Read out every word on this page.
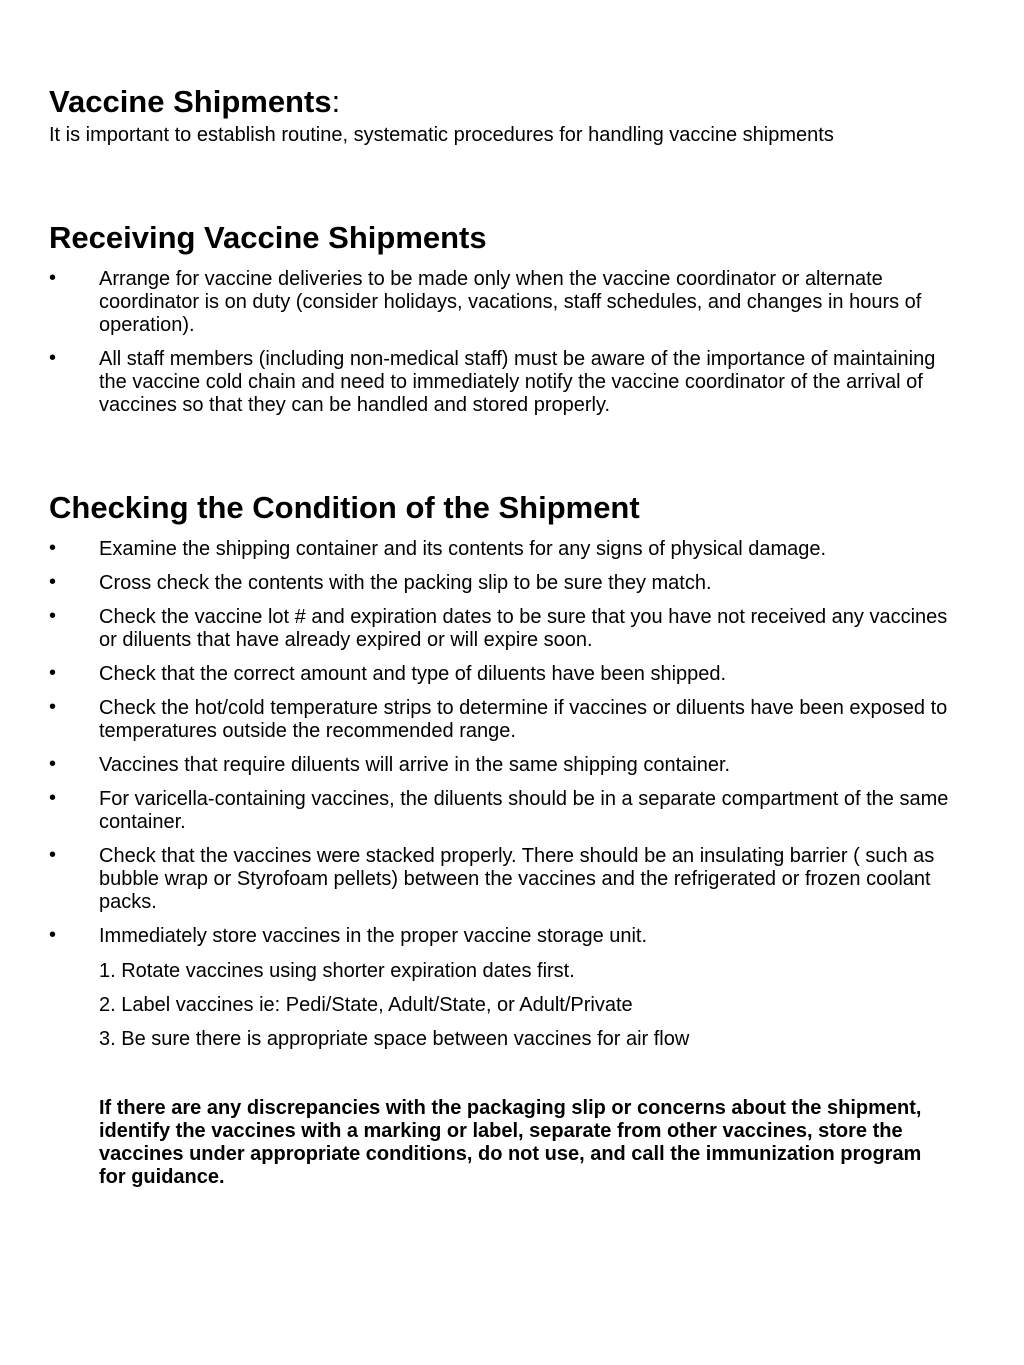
Vaccine Shipments:
It is important to establish routine, systematic procedures for handling vaccine shipments
Receiving Vaccine Shipments
• Arrange for vaccine deliveries to be made only when the vaccine coordinator or alternate coordinator is on duty (consider holidays, vacations, staff schedules, and changes in hours of operation).
• All staff members (including non-medical staff) must be aware of the importance of maintaining the vaccine cold chain and need to immediately notify the vaccine coordinator of the arrival of vaccines so that they can be handled and stored properly.
Checking the Condition of the Shipment
• Examine the shipping container and its contents for any signs of physical damage.
• Cross check the contents with the packing slip to be sure they match.
• Check the vaccine lot # and expiration dates to be sure that you have not received any vaccines or diluents that have already expired or will expire soon.
• Check that the correct amount and type of diluents have been shipped.
• Check the hot/cold temperature strips to determine if vaccines or diluents have been exposed to temperatures outside the recommended range.
• Vaccines that require diluents will arrive in the same shipping container.
• For varicella-containing vaccines, the diluents should be in a separate compartment of the same container.
• Check that the vaccines were stacked properly. There should be an insulating barrier ( such as bubble wrap or Styrofoam pellets) between the vaccines and the refrigerated or frozen coolant packs.
• Immediately store vaccines in the proper vaccine storage unit.
1. Rotate vaccines using shorter expiration dates first.
2. Label vaccines ie: Pedi/State, Adult/State, or Adult/Private
3. Be sure there is appropriate space between vaccines for air flow
If there are any discrepancies with the packaging slip or concerns about the shipment, identify the vaccines with a marking or label, separate from other vaccines, store the vaccines under appropriate conditions, do not use, and call the immunization program for guidance.
